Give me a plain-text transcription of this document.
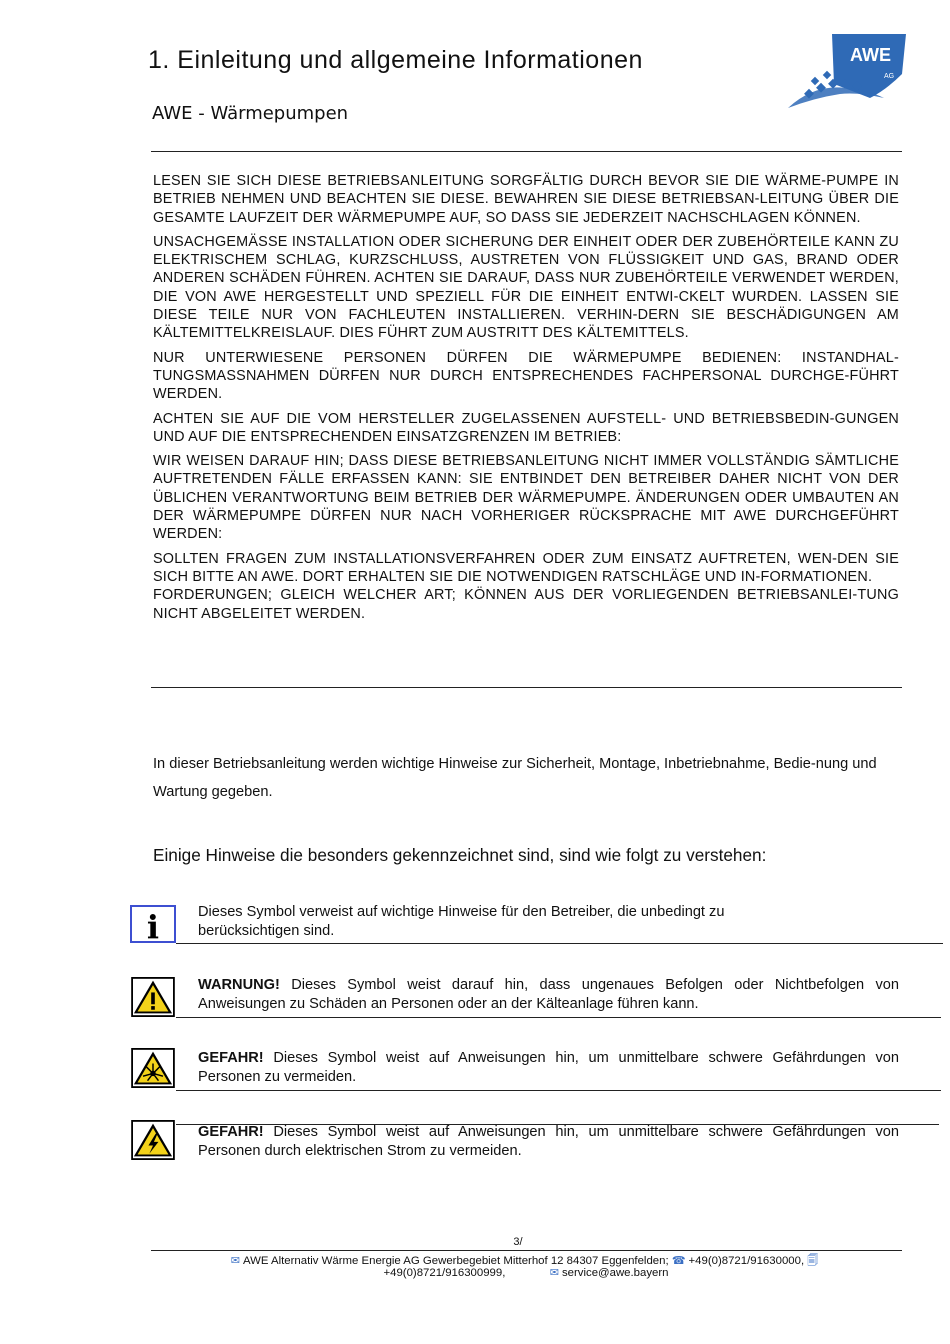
1. Einleitung und allgemeine Informationen
AWE - Wärmepumpen
AWE
AG

LESEN SIE SICH DIESE BETRIEBSANLEITUNG SORGFÄLTIG DURCH BEVOR SIE DIE WÄRME-PUMPE IN BETRIEB NEHMEN UND BEACHTEN SIE DIESE. BEWAHREN SIE DIESE BETRIEBSAN-LEITUNG ÜBER DIE GESAMTE LAUFZEIT DER WÄRMEPUMPE AUF, SO DASS SIE JEDERZEIT NACHSCHLAGEN KÖNNEN.

UNSACHGEMÄSSE INSTALLATION ODER SICHERUNG DER EINHEIT ODER DER ZUBEHÖRTEILE KANN ZU ELEKTRISCHEM SCHLAG, KURZSCHLUSS, AUSTRETEN VON FLÜSSIGKEIT UND GAS, BRAND ODER ANDEREN SCHÄDEN FÜHREN. ACHTEN SIE DARAUF, DASS NUR ZUBEHÖRTEILE VERWENDET WERDEN, DIE VON AWE HERGESTELLT UND SPEZIELL FÜR DIE EINHEIT ENTWI-CKELT WURDEN. LASSEN SIE DIESE TEILE NUR VON FACHLEUTEN INSTALLIEREN. VERHIN-DERN SIE BESCHÄDIGUNGEN AM KÄLTEMITTELKREISLAUF. DIES FÜHRT ZUM AUSTRITT DES KÄLTEMITTELS.

NUR UNTERWIESENE PERSONEN DÜRFEN DIE WÄRMEPUMPE BEDIENEN: INSTANDHAL-TUNGSMASSNAHMEN DÜRFEN NUR DURCH ENTSPRECHENDES FACHPERSONAL DURCHGE-FÜHRT WERDEN.

ACHTEN SIE AUF DIE VOM HERSTELLER ZUGELASSENEN AUFSTELL- UND BETRIEBSBEDIN-GUNGEN UND AUF DIE ENTSPRECHENDEN EINSATZGRENZEN IM BETRIEB:

WIR WEISEN DARAUF HIN; DASS DIESE BETRIEBSANLEITUNG NICHT IMMER VOLLSTÄNDIG SÄMTLICHE AUFTRETENDEN FÄLLE ERFASSEN KANN: SIE ENTBINDET DEN BETREIBER DAHER NICHT VON DER ÜBLICHEN VERANTWORTUNG BEIM BETRIEB DER WÄRMEPUMPE. ÄNDERUNGEN ODER UMBAUTEN AN DER WÄRMEPUMPE DÜRFEN NUR NACH VORHERIGER RÜCKSPRACHE MIT AWE DURCHGEFÜHRT WERDEN:

SOLLTEN FRAGEN ZUM INSTALLATIONSVERFAHREN ODER ZUM EINSATZ AUFTRETEN, WEN-DEN SIE SICH BITTE AN AWE. DORT ERHALTEN SIE DIE NOTWENDIGEN RATSCHLÄGE UND IN-FORMATIONEN.

FORDERUNGEN; GLEICH WELCHER ART; KÖNNEN AUS DER VORLIEGENDEN BETRIEBSANLEI-TUNG NICHT ABGELEITET WERDEN.

In dieser Betriebsanleitung werden wichtige Hinweise zur Sicherheit, Montage, Inbetriebnahme, Bedie-nung und Wartung gegeben.
Einige Hinweise die besonders gekennzeichnet sind, sind wie folgt zu verstehen:
i	Dieses Symbol verweist auf wichtige Hinweise für den Betreiber, die unbedingt zu berücksichtigen sind.
WARNUNG! Dieses Symbol weist darauf hin, dass ungenaues Befolgen oder Nichtbefolgen von Anweisungen zu Schäden an Personen oder an der Kälteanlage führen kann.
GEFAHR! Dieses Symbol weist auf Anweisungen hin, um unmittelbare schwere Gefährdungen von Personen zu vermeiden.
GEFAHR! Dieses Symbol weist auf Anweisungen hin, um unmittelbare schwere Gefährdungen von Personen durch elektrischen Strom zu vermeiden.
3/
✉ AWE Alternativ Wärme Energie AG Gewerbegebiet Mitterhof 12 84307 Eggenfelden; ☎ +49(0)8721/91630000, 🗐
+49(0)8721/916300999,	✉ service@awe.bayern
